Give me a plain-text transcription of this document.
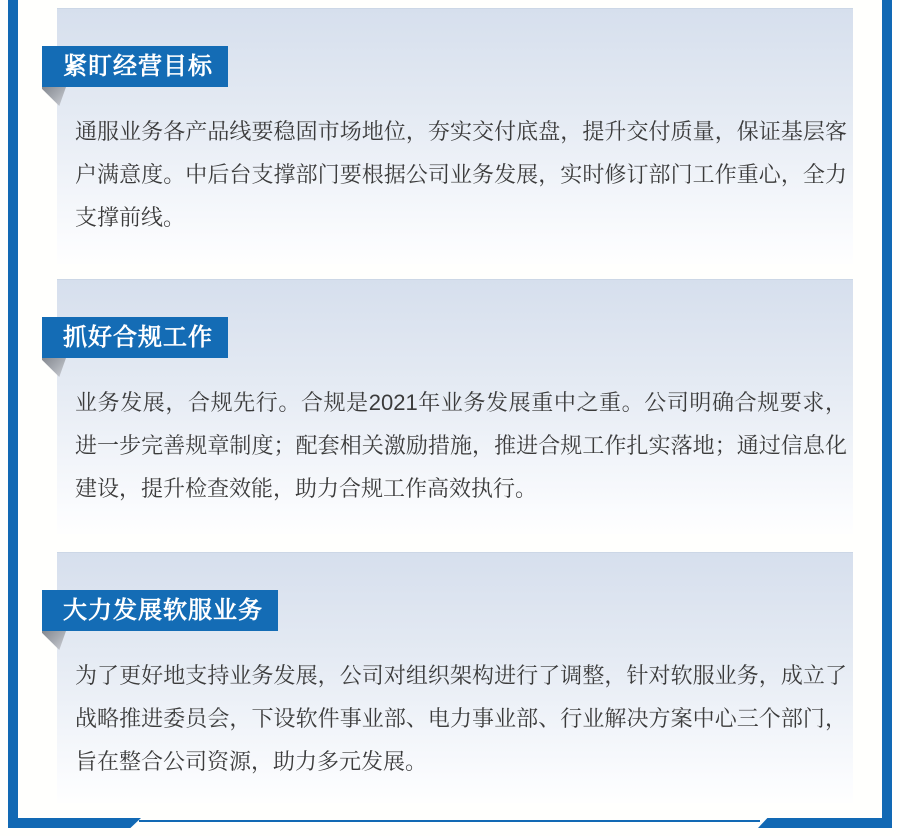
紧盯经营目标
通服业务各产品线要稳固市场地位，夯实交付底盘，提升交付质量，保证基层客户满意度。中后台支撑部门要根据公司业务发展，实时修订部门工作重心，全力支撑前线。
抓好合规工作
业务发展，合规先行。合规是2021年业务发展重中之重。公司明确合规要求，进一步完善规章制度；配套相关激励措施，推进合规工作扎实落地；通过信息化建设，提升检查效能，助力合规工作高效执行。
大力发展软服业务
为了更好地支持业务发展，公司对组织架构进行了调整，针对软服业务，成立了战略推进委员会，下设软件事业部、电力事业部、行业解决方案中心三个部门，旨在整合公司资源，助力多元发展。
